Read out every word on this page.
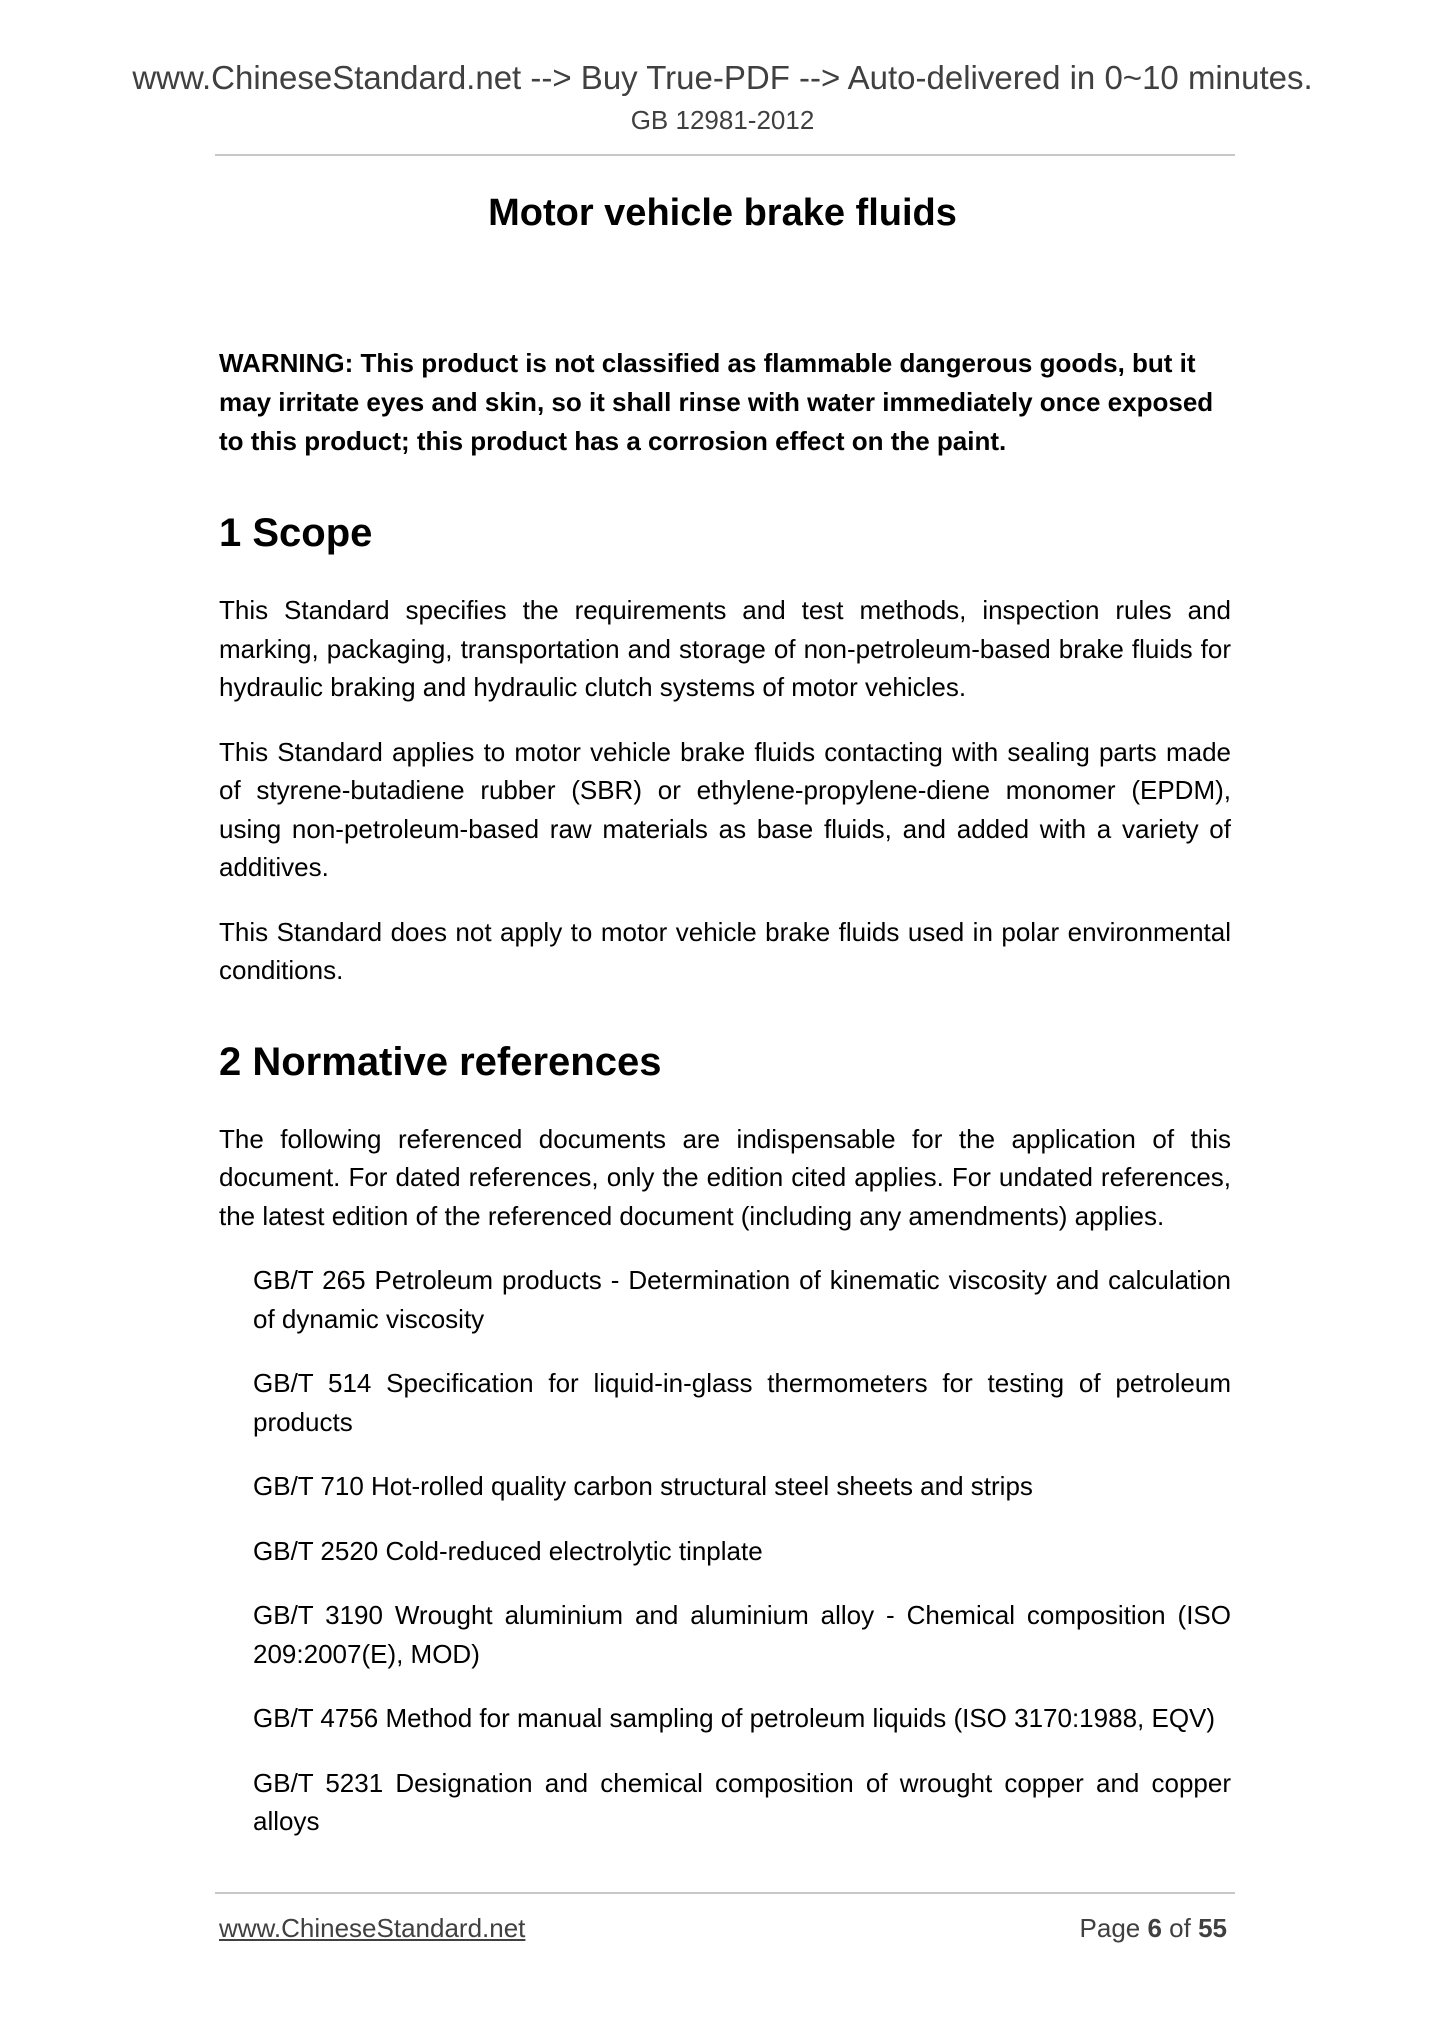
www.ChineseStandard.net --> Buy True-PDF --> Auto-delivered in 0~10 minutes.
GB 12981-2012
Motor vehicle brake fluids

WARNING: This product is not classified as flammable dangerous goods, but it may irritate eyes and skin, so it shall rinse with water immediately once exposed to this product; this product has a corrosion effect on the paint.

1 Scope

This Standard specifies the requirements and test methods, inspection rules and marking, packaging, transportation and storage of non-petroleum-based brake fluids for hydraulic braking and hydraulic clutch systems of motor vehicles.

This Standard applies to motor vehicle brake fluids contacting with sealing parts made of styrene-butadiene rubber (SBR) or ethylene-propylene-diene monomer (EPDM), using non-petroleum-based raw materials as base fluids, and added with a variety of additives.

This Standard does not apply to motor vehicle brake fluids used in polar environmental conditions.

2 Normative references

The following referenced documents are indispensable for the application of this document. For dated references, only the edition cited applies. For undated references, the latest edition of the referenced document (including any amendments) applies.

GB/T 265 Petroleum products - Determination of kinematic viscosity and calculation of dynamic viscosity
GB/T 514 Specification for liquid-in-glass thermometers for testing of petroleum products
GB/T 710 Hot-rolled quality carbon structural steel sheets and strips
GB/T 2520 Cold-reduced electrolytic tinplate
GB/T 3190 Wrought aluminium and aluminium alloy - Chemical composition (ISO 209:2007(E), MOD)
GB/T 4756 Method for manual sampling of petroleum liquids (ISO 3170:1988, EQV)
GB/T 5231 Designation and chemical composition of wrought copper and copper alloys
www.ChineseStandard.net	Page 6 of 55
